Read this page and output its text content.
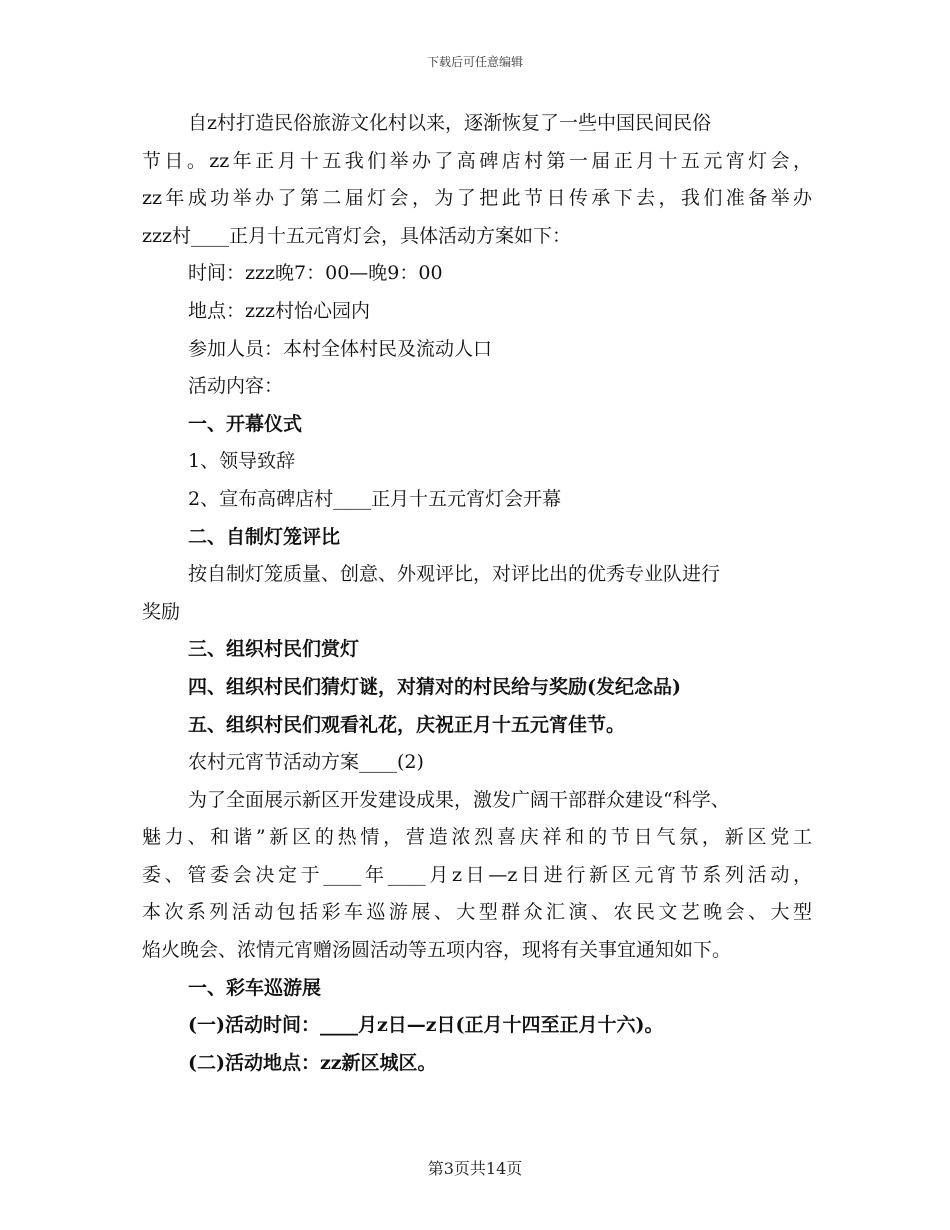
下载后可任意编辑
自z村打造民俗旅游文化村以来，逐渐恢复了一些中国民间民俗
节日。zz年正月十五我们举办了高碑店村第一届正月十五元宵灯会，
zz年成功举办了第二届灯会，为了把此节日传承下去，我们准备举办
zzz村____正月十五元宵灯会，具体活动方案如下：
时间：zzz晚7：00—晚9：00
地点：zzz村怡心园内
参加人员：本村全体村民及流动人口
活动内容：
一、开幕仪式
1、领导致辞
2、宣布高碑店村____正月十五元宵灯会开幕
二、自制灯笼评比
按自制灯笼质量、创意、外观评比，对评比出的优秀专业队进行
奖励
三、组织村民们赏灯
四、组织村民们猜灯谜，对猜对的村民给与奖励(发纪念品)
五、组织村民们观看礼花，庆祝正月十五元宵佳节。
农村元宵节活动方案____(2)
为了全面展示新区开发建设成果，激发广阔干部群众建设“科学、
魅力、和谐”新区的热情，营造浓烈喜庆祥和的节日气氛，新区党工
委、管委会决定于____年____月z日—z日进行新区元宵节系列活动，
本次系列活动包括彩车巡游展、大型群众汇演、农民文艺晚会、大型
焰火晚会、浓情元宵赠汤圆活动等五项内容，现将有关事宜通知如下。
一、彩车巡游展
(一)活动时间：____月z日—z日(正月十四至正月十六)。
(二)活动地点：zz新区城区。
第3页共14页
